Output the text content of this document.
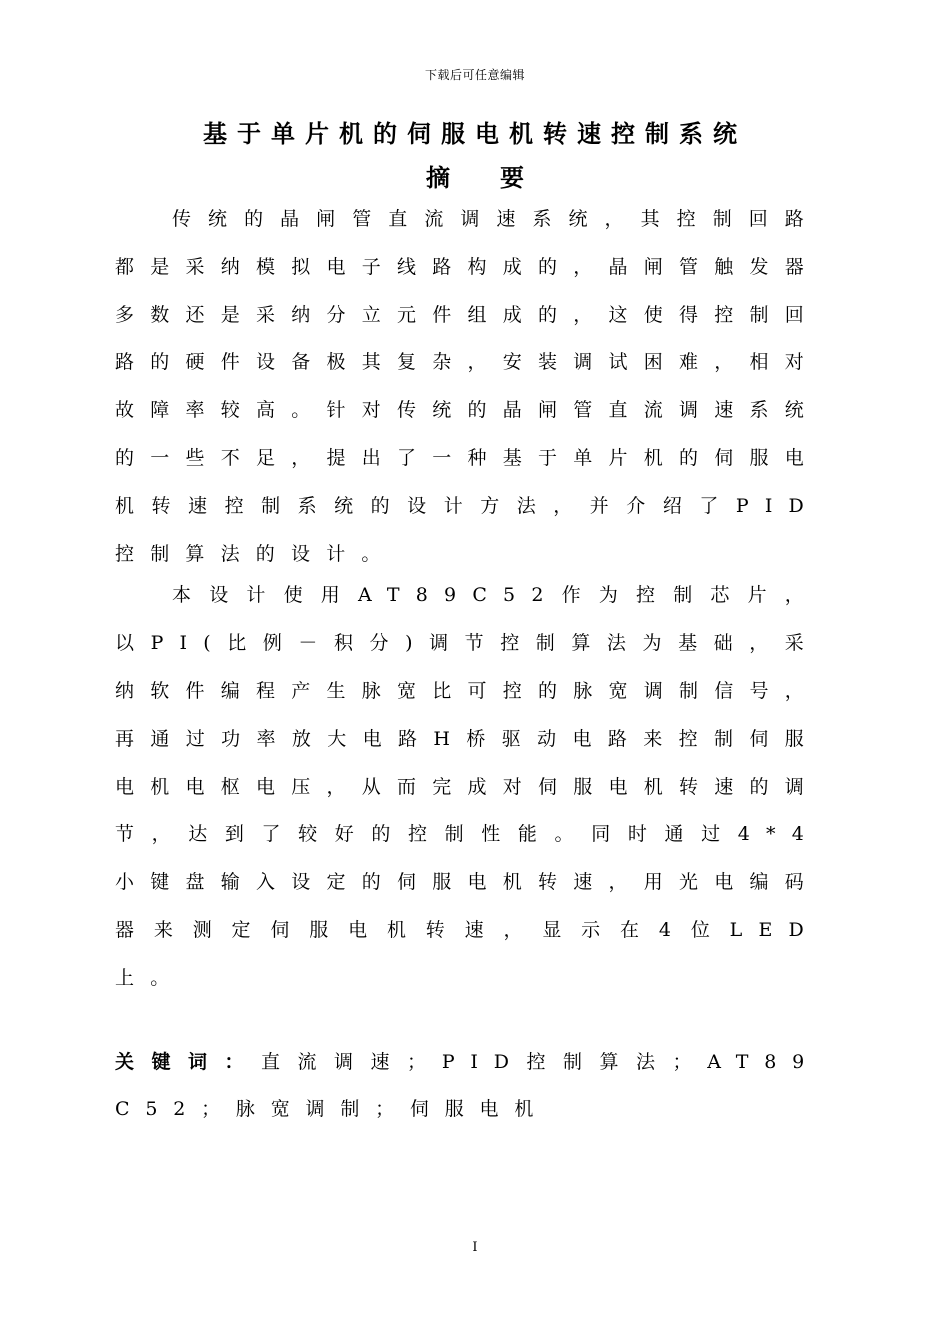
下载后可任意编辑
基于单片机的伺服电机转速控制系统
摘要

传统的晶闸管直流调速系统，其控制回路都是采纳模拟电子线路构成的，晶闸管触发器多数还是采纳分立元件组成的，这使得控制回路的硬件设备极其复杂，安装调试困难，相对故障率较高。针对传统的晶闸管直流调速系统的一些不足，提出了一种基于单片机的伺服电机转速控制系统的设计方法，并介绍了PID控制算法的设计。

本设计使用AT89C52作为控制芯片，以PI(比例－积分)调节控制算法为基础，采纳软件编程产生脉宽比可控的脉宽调制信号，再通过功率放大电路H桥驱动电路来控制伺服电机电枢电压，从而完成对伺服电机转速的调节，达到了较好的控制性能。同时通过4*4小键盘输入设定的伺服电机转速，用光电编码器来测定伺服电机转速，显示在4位LED上。

关键词：直流调速；PID控制算法；AT89C52；脉宽调制；伺服电机

I
